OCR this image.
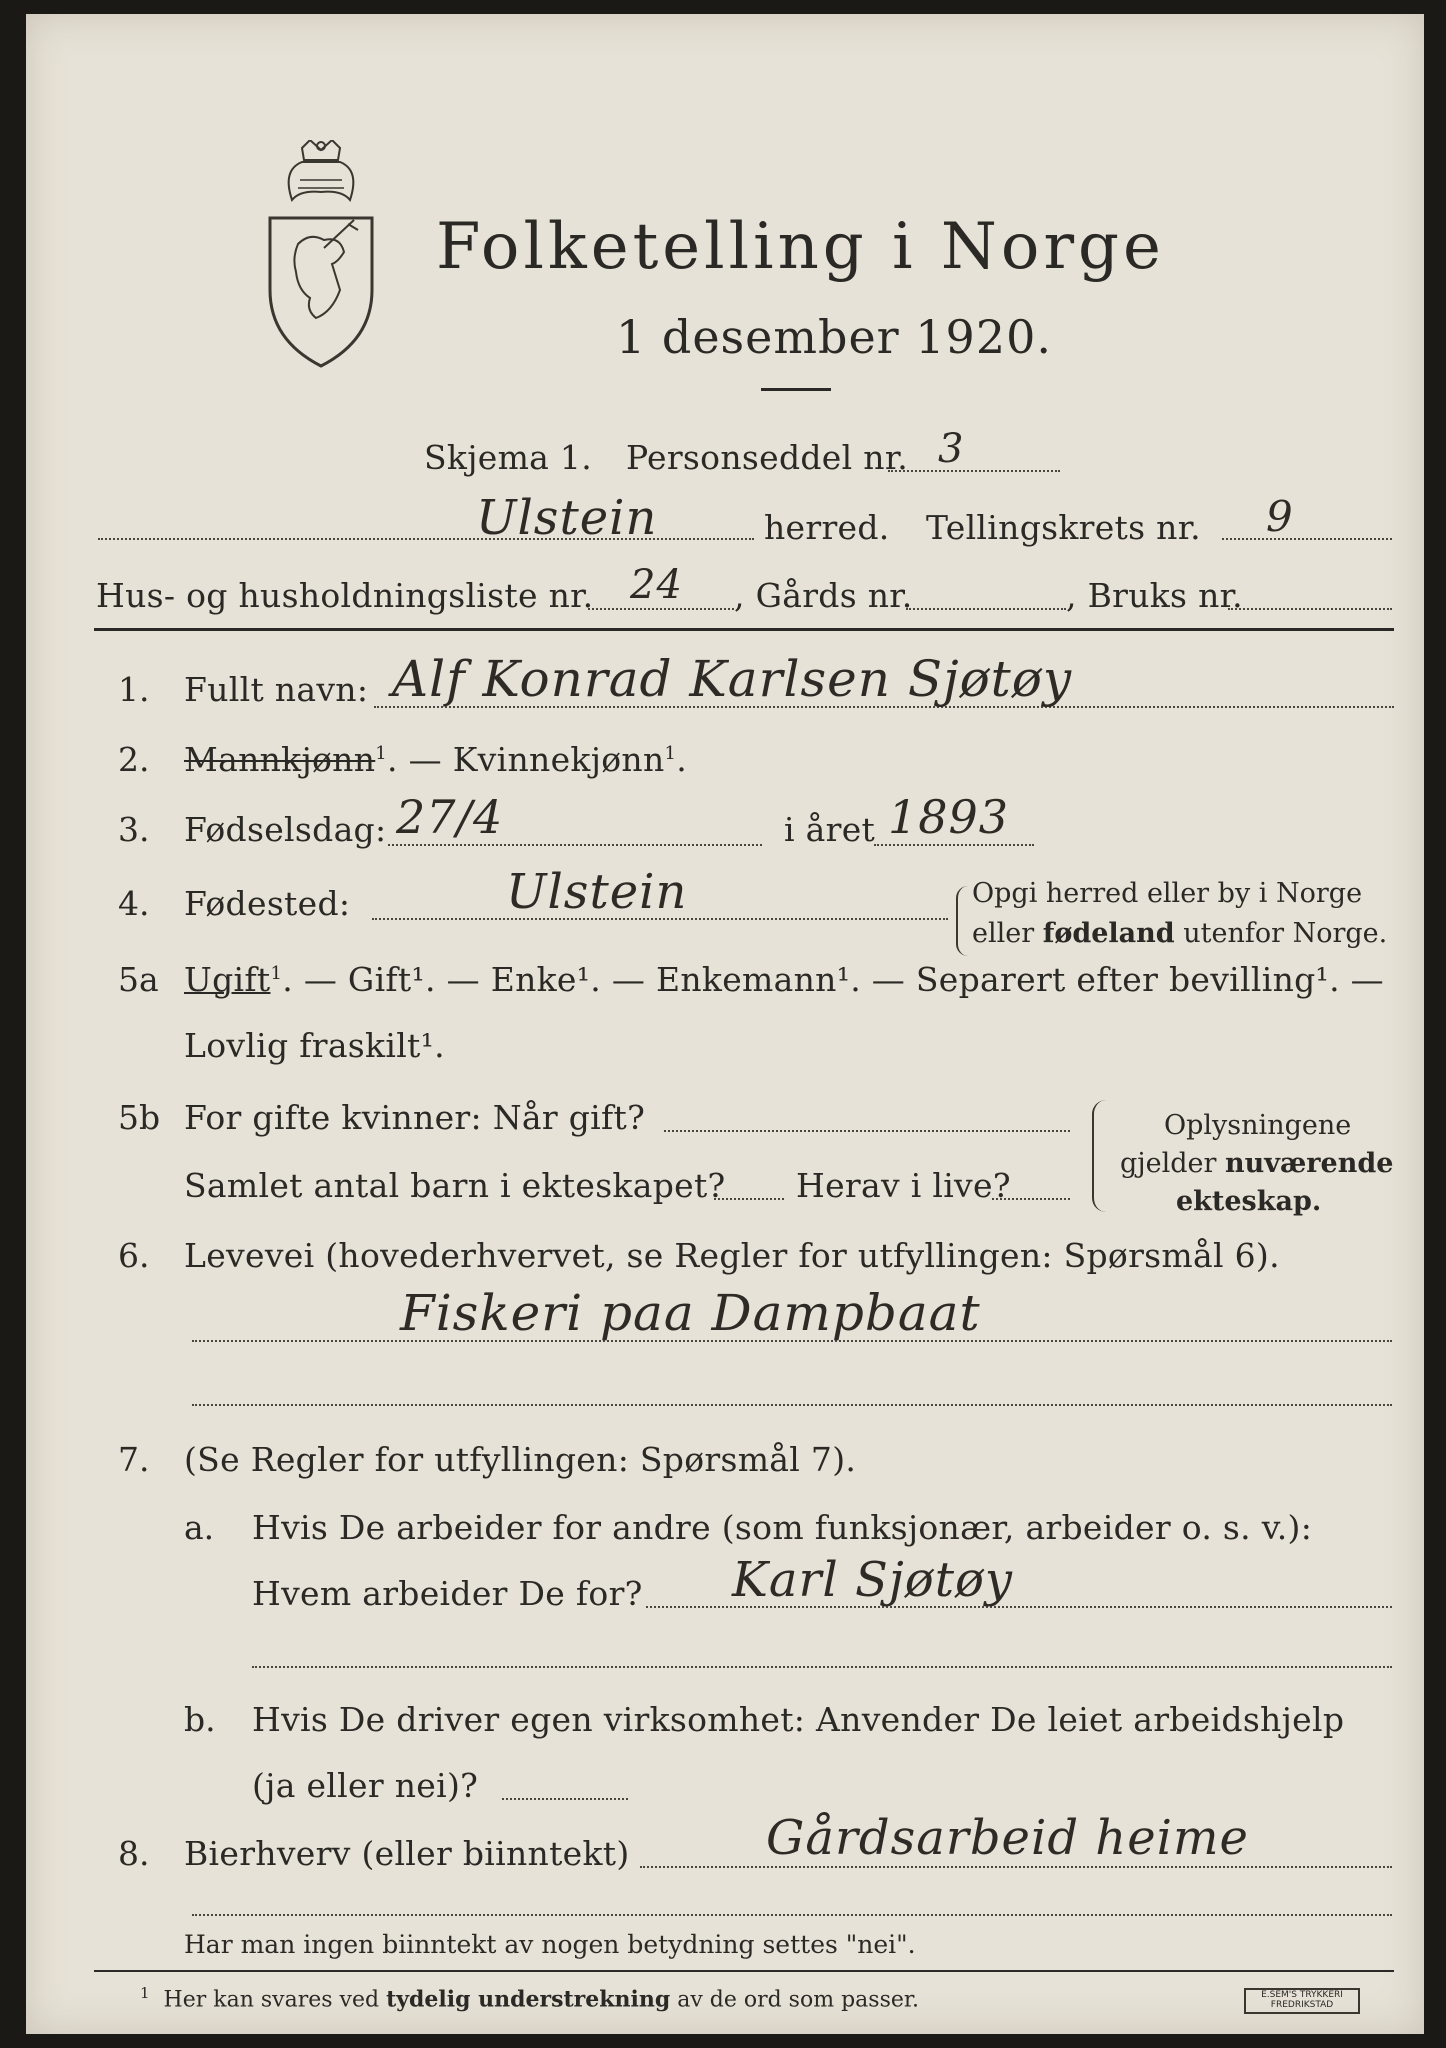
Folketelling i Norge
1 desember 1920.
Skjema 1. Personseddel nr. 3
Ulstein	herred. Tellingskrets nr. 9
Hus- og husholdningsliste nr. 24 , Gårds nr.	, Bruks nr.
1. Fullt navn: Alf Konrad Karlsen Sjøtøy
2. Mannkjønn$^1$. — Kvinnekjønn$^1$.
3. Fødselsdag: 27/4	i året 1893
4. Fødested:	Ulstein	Opgi herred eller by i Norge
eller fødeland utenfor Norge.
5a Ugift$^1$. — Gift¹. — Enke¹. — Enkemann¹. — Separert efter bevilling¹. —
Lovlig fraskilt¹.
5b For gifte kvinner: Når gift?
Samlet antal barn i ekteskapet? Herav i live?
Oplysningene
gjelder nuværende
ekteskap.
6. Levevei (hovederhvervet, se Regler for utfyllingen: Spørsmål 6).
Fiskeri paa Dampbaat
7. (Se Regler for utfyllingen: Spørsmål 7).
a. Hvis De arbeider for andre (som funksjonær, arbeider o. s. v.):
Hvem arbeider De for? Karl Sjøtøy
b. Hvis De driver egen virksomhet: Anvender De leiet arbeidshjelp
(ja eller nei)?
8. Bierhverv (eller biinntekt)	Gårdsarbeid heime
Har man ingen biinntekt av nogen betydning settes "nei".
$^1$ Her kan svares ved tydelig understrekning av de ord som passer.	E.SEM'S TRYKKERI FREDRIKSTAD
